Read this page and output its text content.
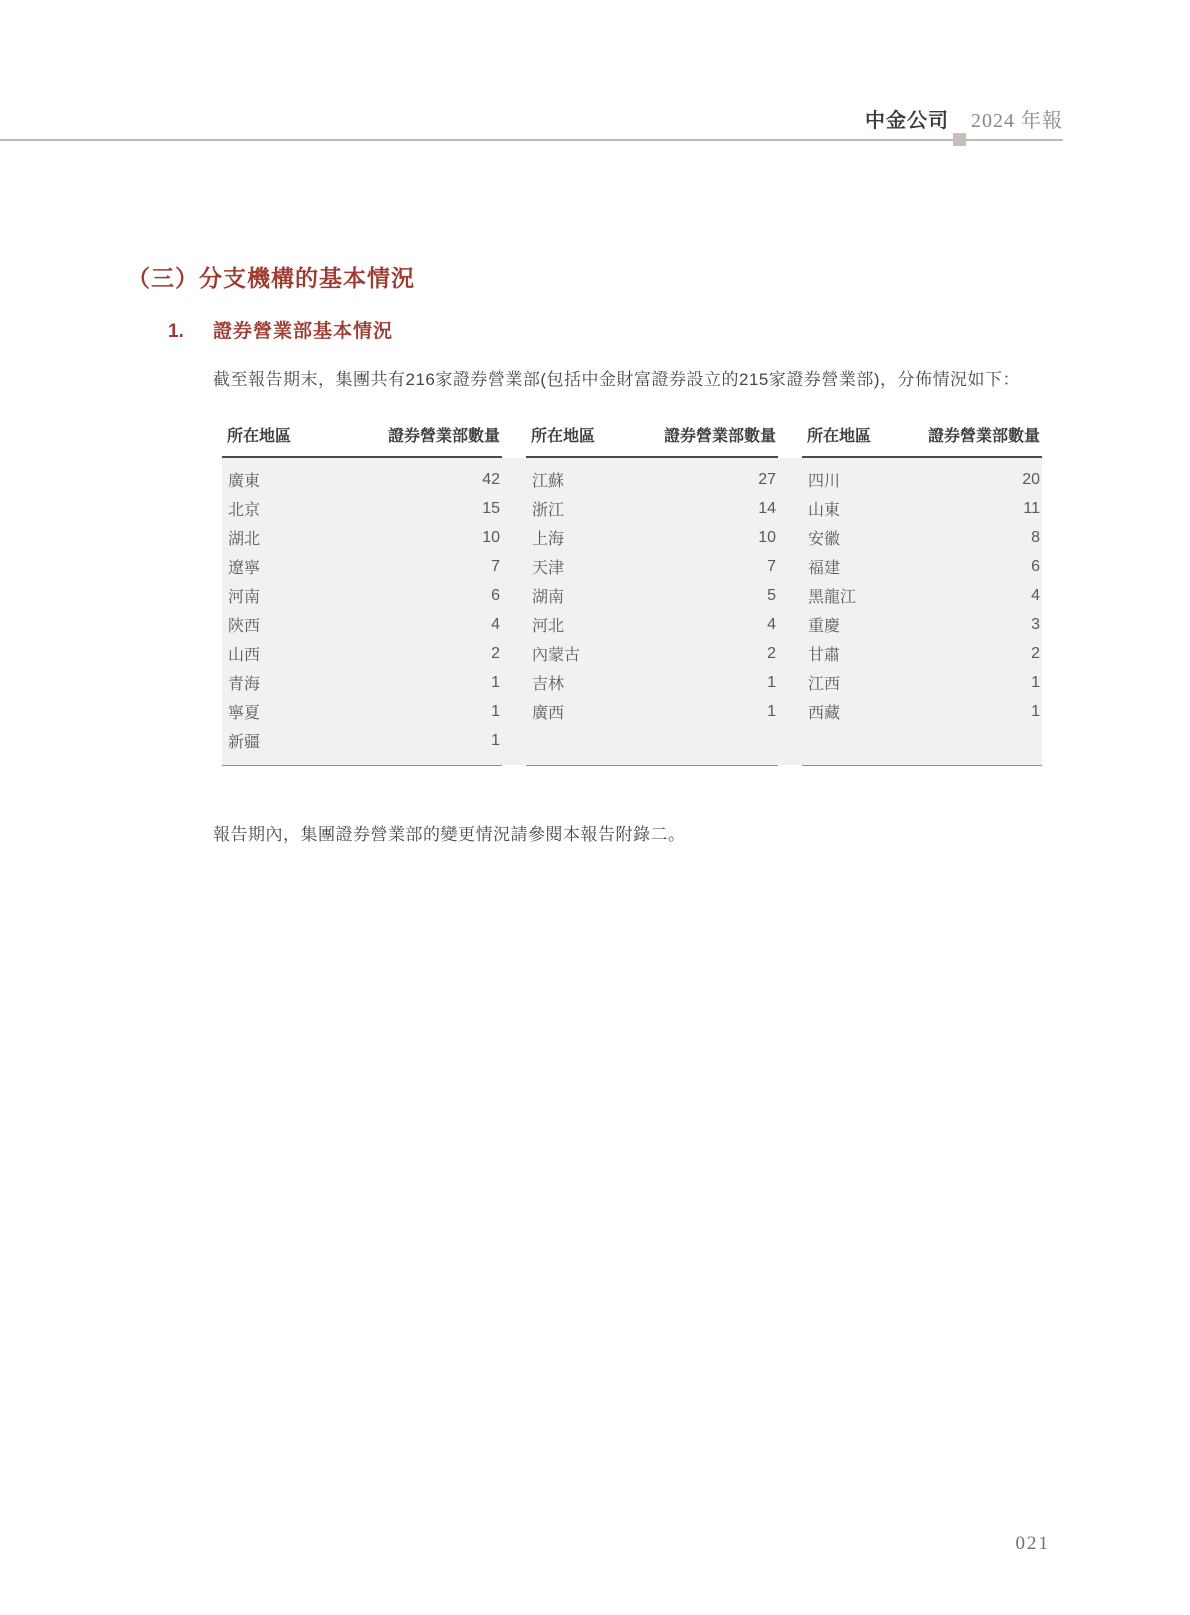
中金公司 2024 年報
（三）分支機構的基本情況
1.	證券營業部基本情況

截至報告期末，集團共有216家證券營業部(包括中金財富證券設立的215家證券營業部)，分佈情況如下：

所在地區	證券營業部數量 所在地區	證券營業部數量 所在地區	證券營業部數量
廣東	42	江蘇	27	四川	20
北京	15	浙江	14	山東	11
湖北	10	上海	10	安徽	8
遼寧	7	天津	7	福建	6
河南	6	湖南	5	黑龍江	4
陝西	4	河北	4	重慶	3
山西	2	內蒙古	2	甘肅	2
青海	1	吉林	1	江西	1
寧夏	1	廣西	1	西藏	1
新疆	1

報告期內，集團證券營業部的變更情況請參閱本報告附錄二。

021
